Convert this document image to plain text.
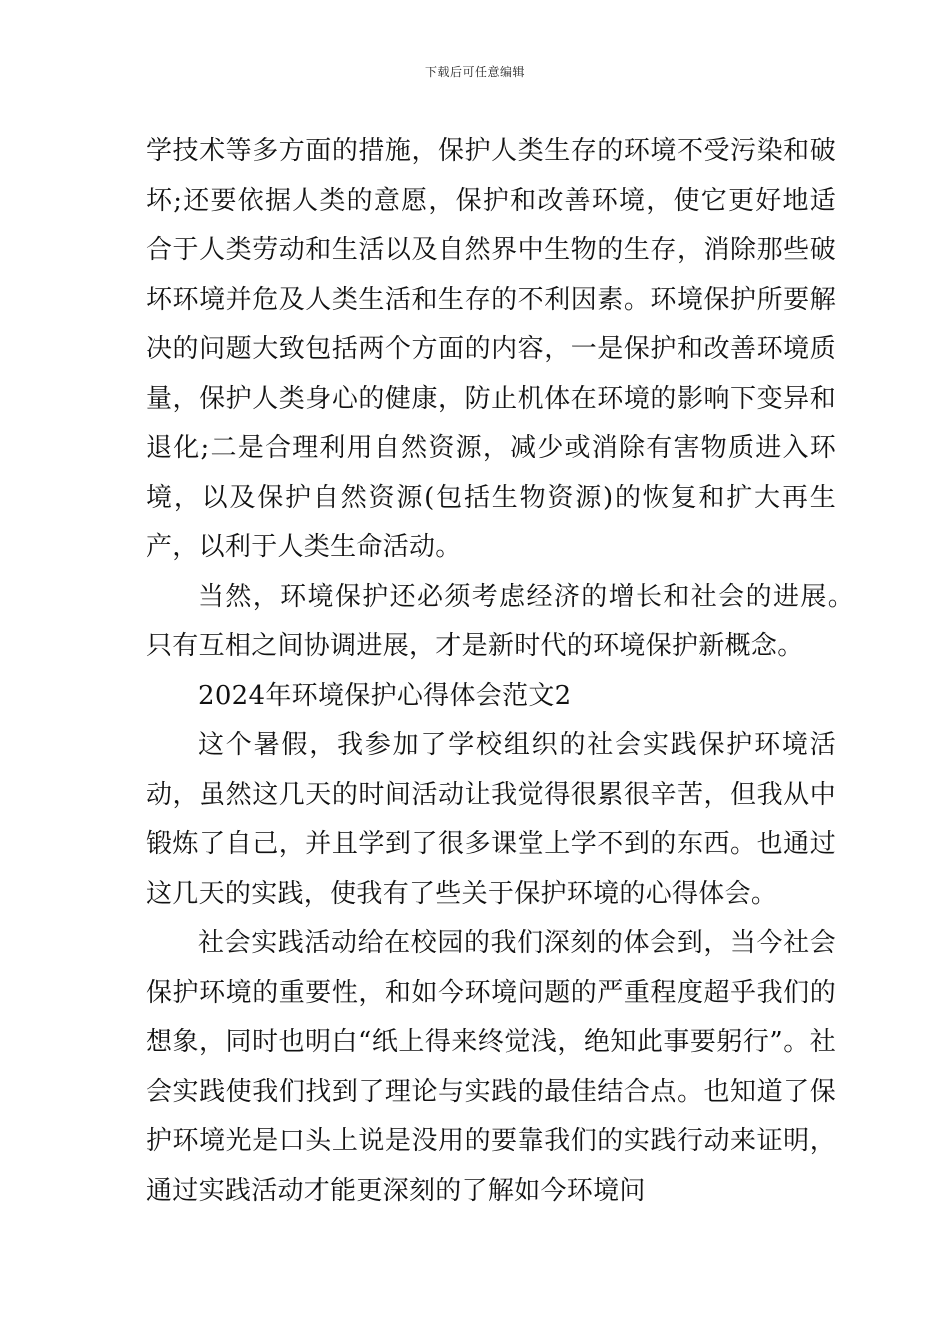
下载后可任意编辑

学技术等多方面的措施，保护人类生存的环境不受污染和破坏;还要依据人类的意愿，保护和改善环境，使它更好地适合于人类劳动和生活以及自然界中生物的生存，消除那些破坏环境并危及人类生活和生存的不利因素。环境保护所要解决的问题大致包括两个方面的内容，一是保护和改善环境质量，保护人类身心的健康，防止机体在环境的影响下变异和退化;二是合理利用自然资源，减少或消除有害物质进入环境，以及保护自然资源(包括生物资源)的恢复和扩大再生产，以利于人类生命活动。

当然，环境保护还必须考虑经济的增长和社会的进展。只有互相之间协调进展，才是新时代的环境保护新概念。

2024年环境保护心得体会范文2

这个暑假，我参加了学校组织的社会实践保护环境活动，虽然这几天的时间活动让我觉得很累很辛苦，但我从中锻炼了自己，并且学到了很多课堂上学不到的东西。也通过这几天的实践，使我有了些关于保护环境的心得体会。

社会实践活动给在校园的我们深刻的体会到，当今社会保护环境的重要性，和如今环境问题的严重程度超乎我们的想象，同时也明白“纸上得来终觉浅，绝知此事要躬行”。社会实践使我们找到了理论与实践的最佳结合点。也知道了保护环境光是口头上说是没用的要靠我们的实践行动来证明，通过实践活动才能更深刻的了解如今环境问
